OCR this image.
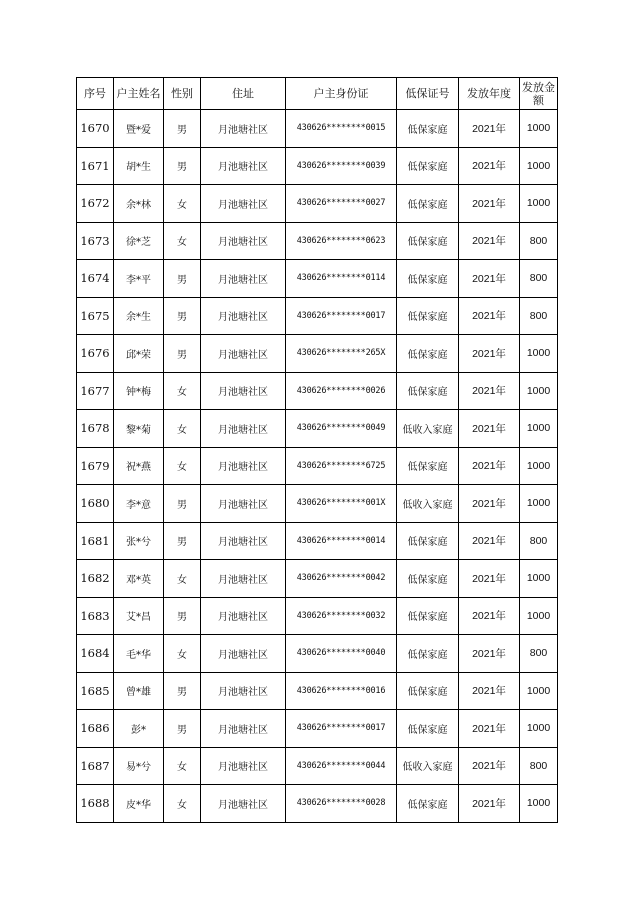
序号	户主姓名	性别	住址	户主身份证	低保证号	发放年度	发放金额
1670	暨*爱	男	月池塘社区	430626********0015	低保家庭	2021年	1000
1671	胡*生	男	月池塘社区	430626********0039	低保家庭	2021年	1000
1672	余*林	女	月池塘社区	430626********0027	低保家庭	2021年	1000
1673	徐*芝	女	月池塘社区	430626********0623	低保家庭	2021年	800
1674	李*平	男	月池塘社区	430626********0114	低保家庭	2021年	800
1675	余*生	男	月池塘社区	430626********0017	低保家庭	2021年	800
1676	邱*荣	男	月池塘社区	430626********265X	低保家庭	2021年	1000
1677	钟*梅	女	月池塘社区	430626********0026	低保家庭	2021年	1000
1678	黎*菊	女	月池塘社区	430626********0049	低收入家庭	2021年	1000
1679	祝*燕	女	月池塘社区	430626********6725	低保家庭	2021年	1000
1680	李*意	男	月池塘社区	430626********001X	低收入家庭	2021年	1000
1681	张*兮	男	月池塘社区	430626********0014	低保家庭	2021年	800
1682	邓*英	女	月池塘社区	430626********0042	低保家庭	2021年	1000
1683	艾*昌	男	月池塘社区	430626********0032	低保家庭	2021年	1000
1684	毛*华	女	月池塘社区	430626********0040	低保家庭	2021年	800
1685	曾*雄	男	月池塘社区	430626********0016	低保家庭	2021年	1000
1686	彭*	男	月池塘社区	430626********0017	低保家庭	2021年	1000
1687	易*兮	女	月池塘社区	430626********0044	低收入家庭	2021年	800
1688	皮*华	女	月池塘社区	430626********0028	低保家庭	2021年	1000
